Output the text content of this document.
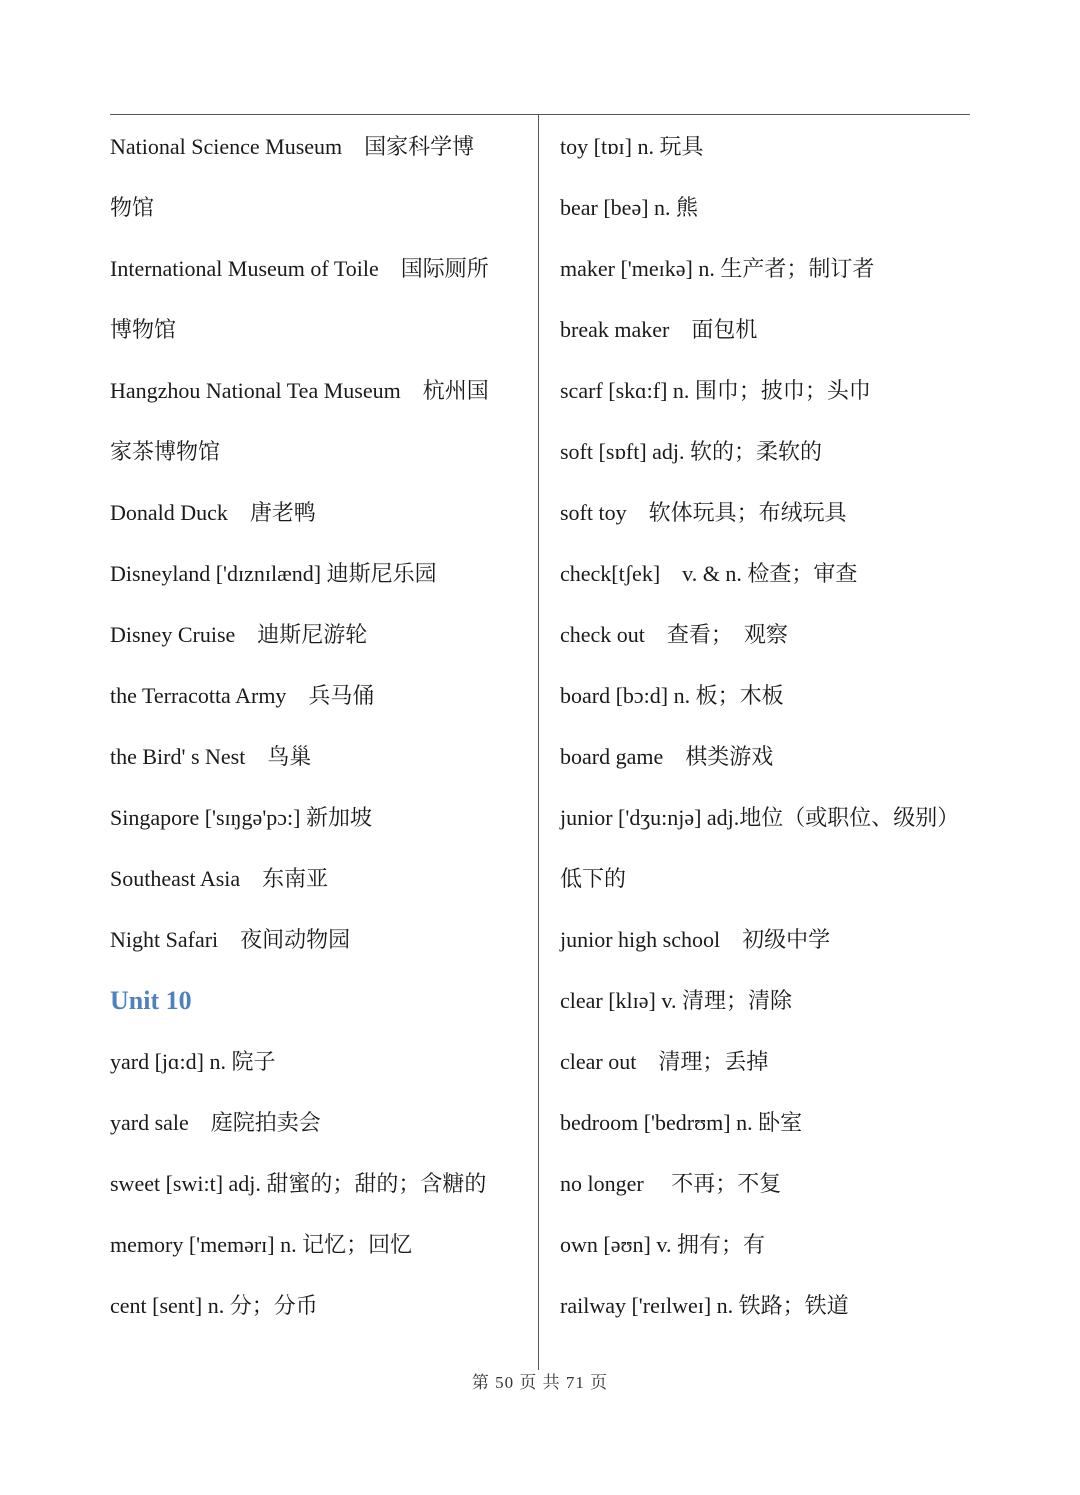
National Science Museum　国家科学博
物馆
International Museum of Toile　国际厕所
博物馆
Hangzhou National Tea Museum　杭州国
家茶博物馆
Donald Duck　唐老鸭
Disneyland ['dɪznɪlænd] 迪斯尼乐园
Disney Cruise　迪斯尼游轮
the Terracotta Army　兵马俑
the Bird' s Nest　鸟巢
Singapore ['sɪŋgə'pɔ:] 新加坡
Southeast Asia　东南亚
Night Safari　夜间动物园
Unit 10
yard [jɑ:d] n. 院子
yard sale　庭院拍卖会
sweet [swi:t] adj. 甜蜜的；甜的；含糖的
memory ['memərɪ] n. 记忆；回忆
cent [sent] n. 分；分币
toy [tɒɪ] n. 玩具
bear [beə] n. 熊
maker ['meɪkə] n. 生产者；制订者
break maker　面包机
scarf [skɑ:f] n. 围巾；披巾；头巾
soft [sɒft] adj. 软的；柔软的
soft toy　软体玩具；布绒玩具
check[tʃek]　v. & n. 检查；审查
check out　查看；　观察
board [bɔ:d] n. 板；木板
board game　棋类游戏
junior ['dʒu:njə] adj.地位（或职位、级别）
低下的
junior high school　初级中学
clear [klɪə] v. 清理；清除
clear out　清理；丢掉
bedroom ['bedrʊm] n. 卧室
no longer　 不再；不复
own [əʊn] v. 拥有；有
railway ['reɪlweɪ] n. 铁路；铁道
第 50 页 共 71 页
